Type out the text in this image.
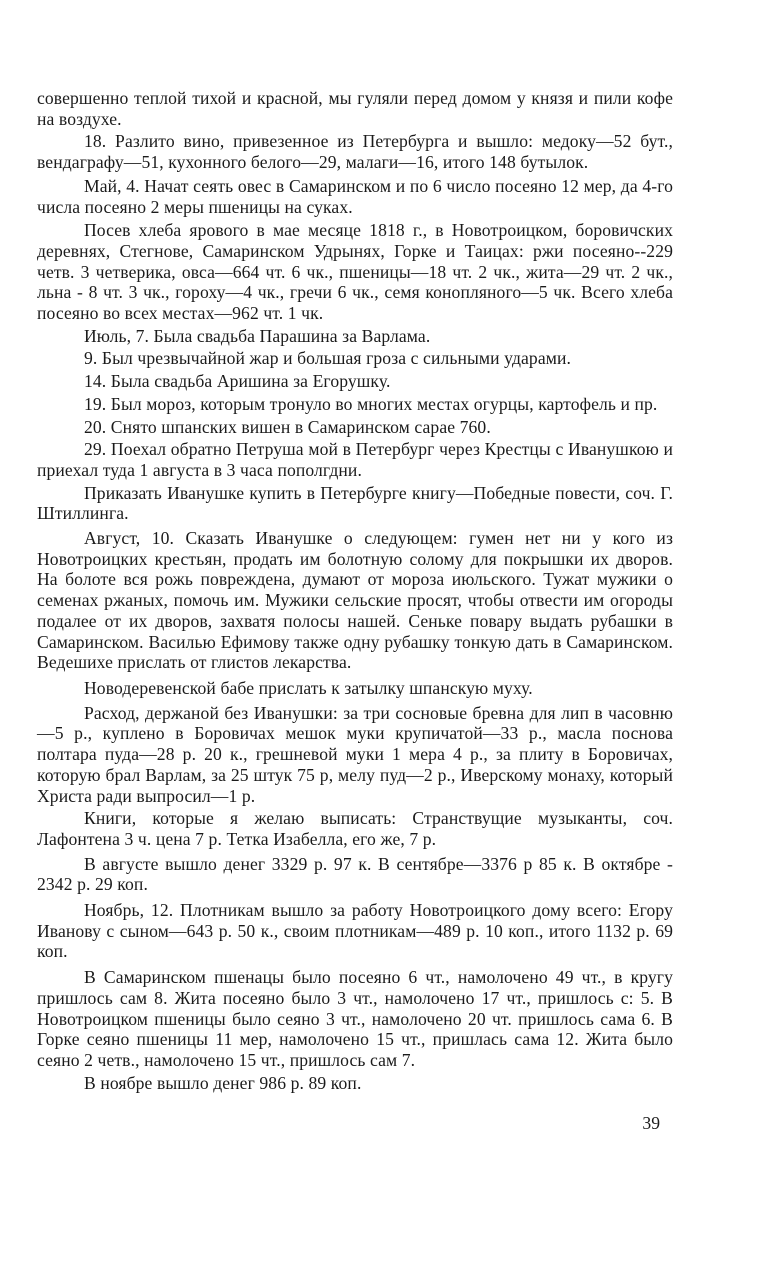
совершенно теплой тихой и красной, мы гуляли перед домом у князя и пили кофе на воздухе.

18. Разлито вино, привезенное из Петербурга и вышло: медоку—52 бут., вендаграфу—51, кухонного белого—29, малаги—16, итого 148 бутылок.

Май, 4. Начат сеять овес в Самаринском и по 6 число посеяно 12 мер, да 4-го числа посеяно 2 меры пшеницы на суках.

Посев хлеба ярового в мае месяце 1818 г., в Новотроицком, боровичских деревнях, Стегнове, Самаринском Удрынях, Горке и Таицах: ржи посеяно--229 четв. 3 четверика, овса—664 чт. 6 чк., пшеницы—18 чт. 2 чк., жита—29 чт. 2 чк., льна - 8 чт. 3 чк., гороху—4 чк., гречи 6 чк., семя конопляного—5 чк. Всего хлеба посеяно во всех местах—962 чт. 1 чк.

Июль, 7. Была свадьба Парашина за Варлама.

9. Был чрезвычайной жар и большая гроза с сильными ударами.

14. Была свадьба Аришина за Егорушку.

19. Был мороз, которым тронуло во многих местах огурцы, картофель и пр.

20. Снято шпанских вишен в Самаринском сарае 760.

29. Поехал обратно Петруша мой в Петербург через Крестцы с Иванушкою и приехал туда 1 августа в 3 часа пополгдни.

Приказать Иванушке купить в Петербурге книгу—Победные повести, соч. Г. Штиллинга.

Август, 10. Сказать Иванушке о следующем: гумен нет ни у кого из Новотроицких крестьян, продать им болотную солому для покрышки их дворов. На болоте вся рожь повреждена, думают от мороза июльского. Тужат мужики о семенах ржаных, помочь им. Мужики сельские просят, чтобы отвести им огороды подалее от их дворов, захватя полосы нашей. Сеньке повару выдать рубашки в Самаринском. Василью Ефимову также одну рубашку тонкую дать в Самаринском. Ведешихе прислать от глистов лекарства.

Новодеревенской бабе прислать к затылку шпанскую муху.

Расход, держаной без Иванушки: за три сосновые бревна для лип в часовню—5 р., куплено в Боровичах мешок муки крупичатой—33 р., масла поснова полтара пуда—28 р. 20 к., грешневой муки 1 мера 4 р., за плиту в Боровичах, которую брал Варлам, за 25 штук 75 р, мелу пуд—2 р., Иверскому монаху, который Христа ради выпросил—1 р.

Книги, которые я желаю выписать: Странствущие музыканты, соч. Лафонтена 3 ч. цена 7 р. Тетка Изабелла, его же, 7 р.

В августе вышло денег 3329 р. 97 к. В сентябре—3376 р 85 к. В октябре - 2342 р. 29 коп.

Ноябрь, 12. Плотникам вышло за работу Новотроицкого дому всего: Егору Иванову с сыном—643 р. 50 к., своим плотникам—489 р. 10 коп., итого 1132 р. 69 коп.

В Самаринском пшенацы было посеяно 6 чт., намолочено 49 чт., в кругу пришлось сам 8. Жита посеяно было 3 чт., намолочено 17 чт., пришлось с: 5. В Новотроицком пшеницы было сеяно 3 чт., намолочено 20 чт. пришлось сама 6. В Горке сеяно пшеницы 11 мер, намолочено 15 чт., пришлась сама 12. Жита было сеяно 2 четв., намолочено 15 чт., пришлось сам 7.

В ноябре вышло денег 986 р. 89 коп.

39
